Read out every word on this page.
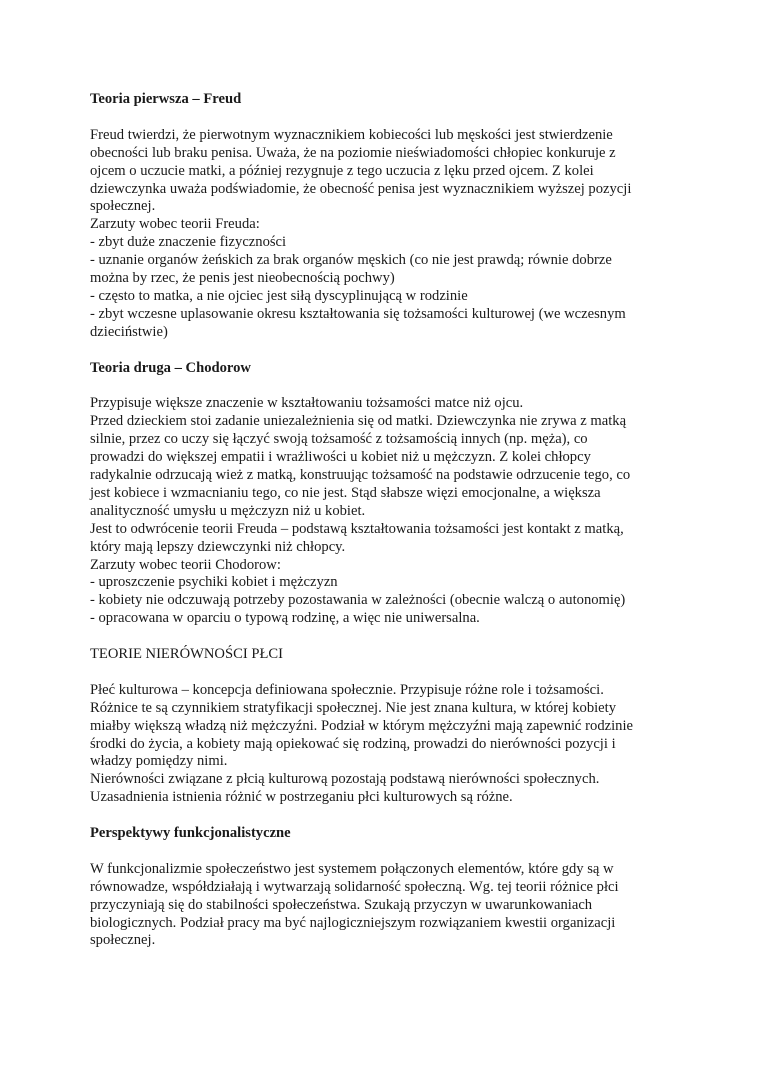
Teoria pierwsza – Freud
Freud twierdzi, że pierwotnym wyznacznikiem kobiecości lub męskości jest stwierdzenie
obecności lub braku penisa. Uważa, że na poziomie nieświadomości chłopiec konkuruje z
ojcem o uczucie matki, a później rezygnuje z tego uczucia z lęku przed ojcem. Z kolei
dziewczynka uważa podświadomie, że obecność penisa jest wyznacznikiem wyższej pozycji
społecznej.
Zarzuty wobec teorii Freuda:
- zbyt duże znaczenie fizyczności
- uznanie organów żeńskich za brak organów męskich (co nie jest prawdą; równie dobrze
można by rzec, że penis jest nieobecnością pochwy)
- często to matka, a nie ojciec jest siłą dyscyplinującą w rodzinie
- zbyt wczesne uplasowanie okresu kształtowania się tożsamości kulturowej (we wczesnym
dzieciństwie)
Teoria druga – Chodorow
Przypisuje większe znaczenie w kształtowaniu tożsamości matce niż ojcu.
Przed dzieckiem stoi zadanie uniezależnienia się od matki. Dziewczynka nie zrywa z matką
silnie, przez co uczy się łączyć swoją tożsamość z tożsamością innych (np. męża), co
prowadzi do większej empatii i wrażliwości u kobiet niż u mężczyzn. Z kolei chłopcy
radykalnie odrzucają wież z matką, konstruując tożsamość na podstawie odrzucenie tego, co
jest kobiece i wzmacnianiu tego, co nie jest. Stąd słabsze więzi emocjonalne, a większa
analityczność umysłu u mężczyzn niż u kobiet.
Jest to odwrócenie teorii Freuda – podstawą kształtowania tożsamości jest kontakt z matką,
który mają lepszy dziewczynki niż chłopcy.
Zarzuty wobec teorii Chodorow:
- uproszczenie psychiki kobiet i mężczyzn
- kobiety nie odczuwają potrzeby pozostawania w zależności (obecnie walczą o autonomię)
- opracowana w oparciu o typową rodzinę, a więc nie uniwersalna.
TEORIE NIERÓWNOŚCI PŁCI
Płeć kulturowa – koncepcja definiowana społecznie. Przypisuje różne role i tożsamości.
Różnice te są czynnikiem stratyfikacji społecznej. Nie jest znana kultura, w której kobiety
miałby większą władzą niż mężczyźni. Podział w którym mężczyźni mają zapewnić rodzinie
środki do życia, a kobiety mają opiekować się rodziną, prowadzi do nierówności pozycji i
władzy pomiędzy nimi.
Nierówności związane z płcią kulturową pozostają podstawą nierówności społecznych.
Uzasadnienia istnienia różnić w postrzeganiu płci kulturowych są różne.
Perspektywy funkcjonalistyczne
W funkcjonalizmie społeczeństwo jest systemem połączonych elementów, które gdy są w
równowadze, współdziałają i wytwarzają solidarność społeczną. Wg. tej teorii różnice płci
przyczyniają się do stabilności społeczeństwa. Szukają przyczyn w uwarunkowaniach
biologicznych. Podział pracy ma być najlogiczniejszym rozwiązaniem kwestii organizacji
społecznej.
